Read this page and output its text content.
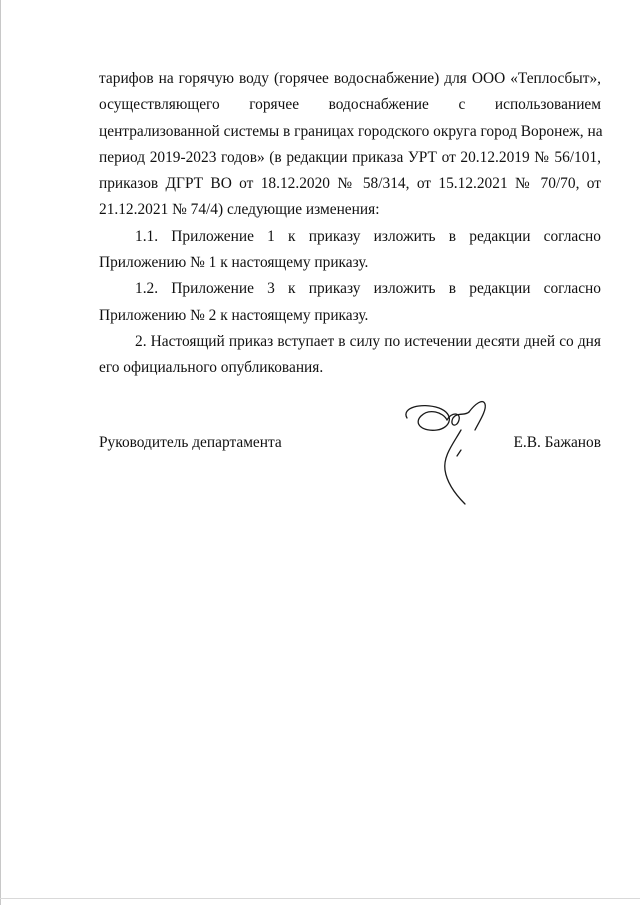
тарифов на горячую воду (горячее водоснабжение) для ООО «Теплосбыт»,
осуществляющего горячее водоснабжение с использованием
централизованной системы в границах городского округа город Воронеж, на
период 2019-2023 годов» (в редакции приказа УРТ от 20.12.2019 № 56/101,
приказов ДГРТ ВО от 18.12.2020 № 58/314, от 15.12.2021 № 70/70, от
21.12.2021 № 74/4) следующие изменения:
1.1. Приложение 1 к приказу изложить в редакции согласно
Приложению № 1 к настоящему приказу.
1.2. Приложение 3 к приказу изложить в редакции согласно
Приложению № 2 к настоящему приказу.
2. Настоящий приказ вступает в силу по истечении десяти дней со дня
его официального опубликования.
Руководитель департамента	Е.В. Бажанов
